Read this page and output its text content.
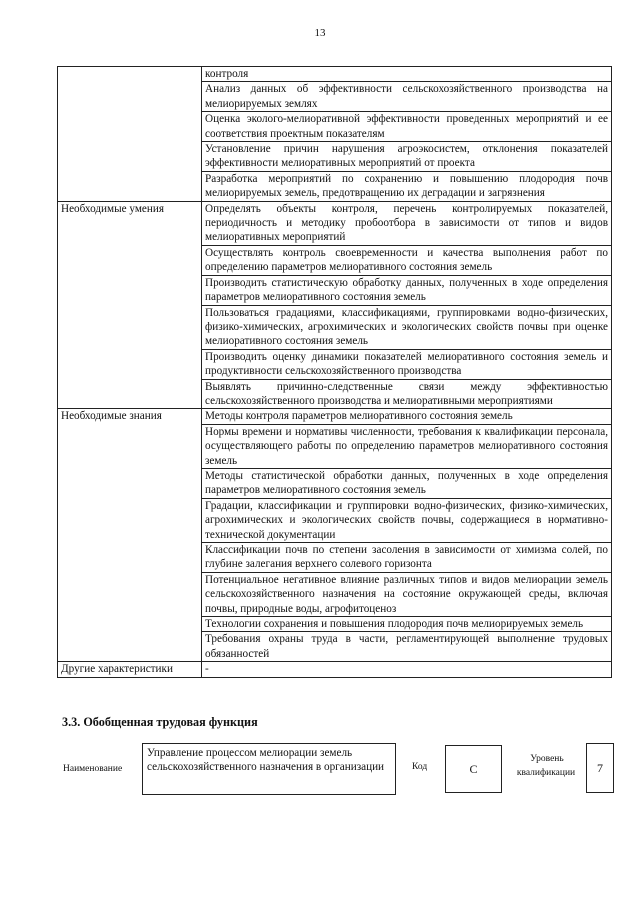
13
	контроля
	Анализ данных об эффективности сельскохозяйственного производства на мелиорируемых землях
	Оценка эколого-мелиоративной эффективности проведенных мероприятий и ее соответствия проектным показателям
	Установление причин нарушения агроэкосистем, отклонения показателей эффективности мелиоративных мероприятий от проекта
	Разработка мероприятий по сохранению и повышению плодородия почв мелиорируемых земель, предотвращению их деградации и загрязнения
Необходимые умения	Определять объекты контроля, перечень контролируемых показателей, периодичность и методику пробоотбора в зависимости от типов и видов мелиоративных мероприятий
	Осуществлять контроль своевременности и качества выполнения работ по определению параметров мелиоративного состояния земель
	Производить статистическую обработку данных, полученных в ходе определения параметров мелиоративного состояния земель
	Пользоваться градациями, классификациями, группировками водно-физических, физико-химических, агрохимических и экологических свойств почвы при оценке мелиоративного состояния земель
	Производить оценку динамики показателей мелиоративного состояния земель и продуктивности сельскохозяйственного производства
	Выявлять причинно-следственные связи между эффективностью сельскохозяйственного производства и мелиоративными мероприятиями
Необходимые знания	Методы контроля параметров мелиоративного состояния земель
	Нормы времени и нормативы численности, требования к квалификации персонала, осуществляющего работы по определению параметров мелиоративного состояния земель
	Методы статистической обработки данных, полученных в ходе определения параметров мелиоративного состояния земель
	Градации, классификации и группировки водно-физических, физико-химических, агрохимических и экологических свойств почвы, содержащиеся в нормативно-технической документации
	Классификации почв по степени засоления в зависимости от химизма солей, по глубине залегания верхнего солевого горизонта
	Потенциальное негативное влияние различных типов и видов мелиорации земель сельскохозяйственного назначения на состояние окружающей среды, включая почвы, природные воды, агрофитоценоз
	Технологии сохранения и повышения плодородия почв мелиорируемых земель
	Требования охраны труда в части, регламентирующей выполнение трудовых обязанностей
Другие характеристики	-
3.3. Обобщенная трудовая функция
Наименование
Управление процессом мелиорации земель сельскохозяйственного назначения в организации	Код	C
Уровень
квалификации	7
